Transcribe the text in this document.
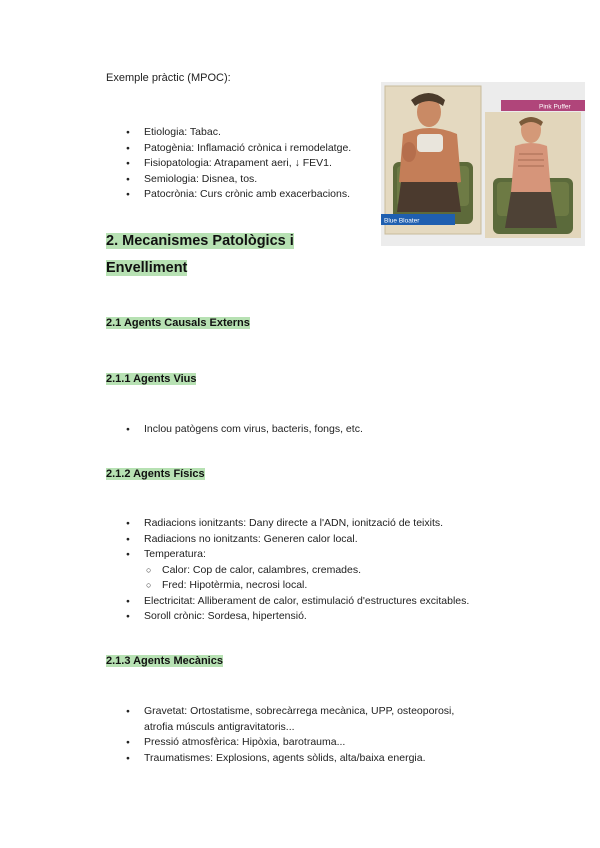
Exemple pràctic (MPOC):
Pink Puffer
Blue Bloater
● Etiologia: Tabac.
● Patogènia: Inflamació crònica i remodelatge.
● Fisiopatologia: Atrapament aeri, ↓ FEV1.
● Semiologia: Disnea, tos.
● Patocrònia: Curs crònic amb exacerbacions.
2. Mecanismes Patològics i
Envelliment
2.1 Agents Causals Externs
2.1.1 Agents Vius
● Inclou patògens com virus, bacteris, fongs, etc.
2.1.2 Agents Físics
● Radiacions ionitzants: Dany directe a l'ADN, ionització de teixits.
● Radiacions no ionitzants: Generen calor local.
● Temperatura:
○ Calor: Cop de calor, calambres, cremades.
○ Fred: Hipotèrmia, necrosi local.
● Electricitat: Alliberament de calor, estimulació d'estructures excitables.
● Soroll crònic: Sordesa, hipertensió.
2.1.3 Agents Mecànics
● Gravetat: Ortostatisme, sobrecàrrega mecànica, UPP, osteoporosi,
atrofia músculs antigravitatoris...
● Pressió atmosfèrica: Hipòxia, barotrauma...
● Traumatismes: Explosions, agents sòlids, alta/baixa energia.
